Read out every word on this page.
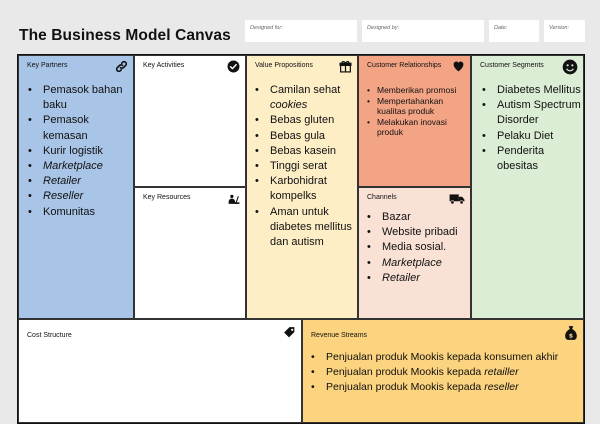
The Business Model Canvas	Designed for:	Designed by:	Date:	Version:
Key Partners
• Pemasok bahan baku
• Pemasok kemasan
• Kurir logistik
• Marketplace
• Retailer
• Reseller
• Komunitas
Key Activities
Key Resources
Value Propositions
• Camilan sehat cookies
• Bebas gluten
• Bebas gula
• Bebas kasein
• Tinggi serat
• Karbohidrat kompelks
• Aman untuk diabetes mellitus dan autism
Customer Relationships
• Memberikan promosi
• Mempertahankan kualitas produk
• Melakukan inovasi produk
Channels
• Bazar
• Website pribadi
• Media sosial.
• Marketplace
• Retailer
Customer Segments
• Diabetes Mellitus
• Autism Spectrum Disorder
• Pelaku Diet
• Penderita obesitas
Cost Structure	Revenue Streams	$
• Penjualan produk Mookis kepada konsumen akhir
• Penjualan produk Mookis kepada retailler
• Penjualan produk Mookis kepada reseller
